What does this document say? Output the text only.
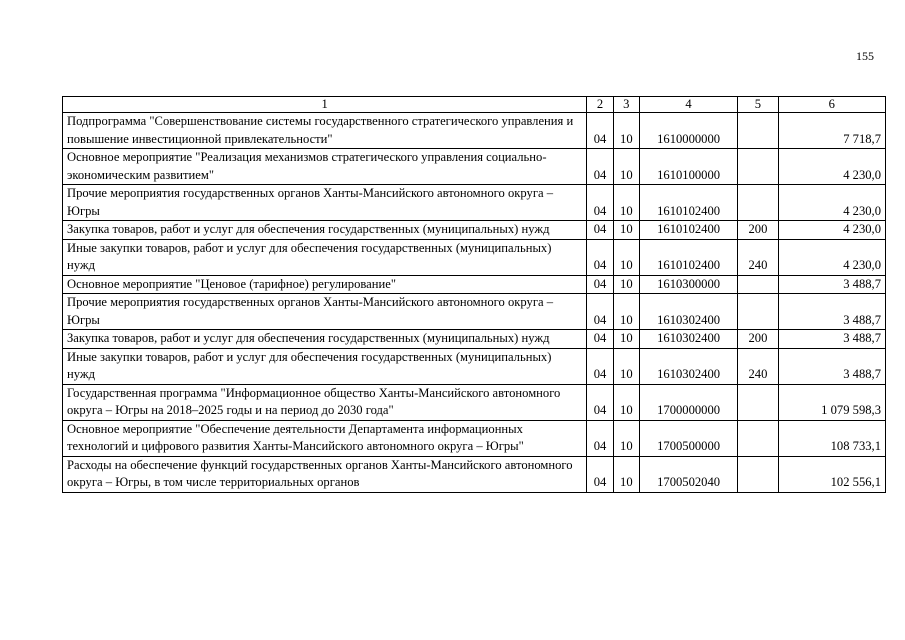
155
1	2	3	4	5	6
Подпрограмма "Совершенствование системы государственного стратегического управления и повышение инвестиционной привлекательности"	04	10	1610000000		7 718,7
Основное мероприятие "Реализация механизмов стратегического управления социально-экономическим развитием"	04	10	1610100000		4 230,0
Прочие мероприятия государственных органов Ханты-Мансийского автономного округа – Югры	04	10	1610102400		4 230,0
Закупка товаров, работ и услуг для обеспечения государственных (муниципальных) нужд	04	10	1610102400	200	4 230,0
Иные закупки товаров, работ и услуг для обеспечения государственных (муниципальных) нужд	04	10	1610102400	240	4 230,0
Основное мероприятие "Ценовое (тарифное) регулирование"	04	10	1610300000		3 488,7
Прочие мероприятия государственных органов Ханты-Мансийского автономного округа – Югры	04	10	1610302400		3 488,7
Закупка товаров, работ и услуг для обеспечения государственных (муниципальных) нужд	04	10	1610302400	200	3 488,7
Иные закупки товаров, работ и услуг для обеспечения государственных (муниципальных) нужд	04	10	1610302400	240	3 488,7
Государственная программа "Информационное общество Ханты-Мансийского автономного округа – Югры на 2018–2025 годы и на период до 2030 года"	04	10	1700000000		1 079 598,3
Основное мероприятие "Обеспечение деятельности Департамента информационных технологий и цифрового развития Ханты-Мансийского автономного округа – Югры"	04	10	1700500000		108 733,1
Расходы на обеспечение функций государственных органов Ханты-Мансийского автономного округа – Югры, в том числе территориальных органов	04	10	1700502040		102 556,1
